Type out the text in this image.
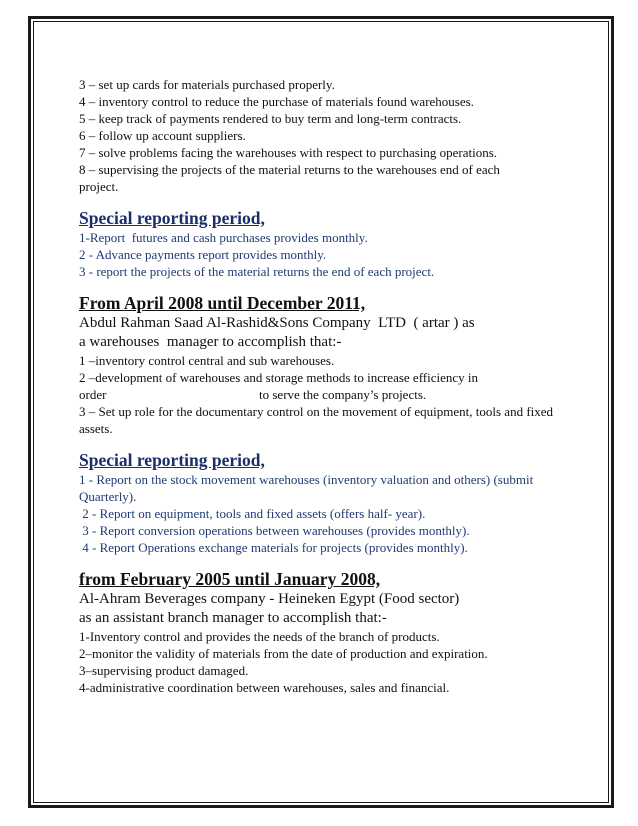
3 – set up cards for materials purchased properly.
4 – inventory control to reduce the purchase of materials found warehouses.
5 – keep track of payments rendered to buy term and long-term contracts.
6 – follow up account suppliers.
7 – solve problems facing the warehouses with respect to purchasing operations.
8 – supervising the projects of the material returns to the warehouses end of each
project.
Special reporting period,
1-Report  futures and cash purchases provides monthly.
2 - Advance payments report provides monthly.
3 - report the projects of the material returns the end of each project.
From April 2008 until December 2011,
Abdul Rahman Saad Al-Rashid&Sons Company  LTD  ( artar ) as
a warehouses  manager to accomplish that:-
1 –inventory control central and sub warehouses.
2 –development of warehouses and storage methods to increase efficiency in
order	to serve the company’s projects.
3 – Set up role for the documentary control on the movement of equipment, tools and fixed assets.
Special reporting period,
1 - Report on the stock movement warehouses (inventory valuation and others) (submit Quarterly).
2 - Report on equipment, tools and fixed assets (offers half- year).
3 - Report conversion operations between warehouses (provides monthly).
4 - Report Operations exchange materials for projects (provides monthly).
from February 2005 until January 2008,
Al-Ahram Beverages company - Heineken Egypt (Food sector)
as an assistant branch manager to accomplish that:-
1-Inventory control and provides the needs of the branch of products.
2–monitor the validity of materials from the date of production and expiration.
3–supervising product damaged.
4-administrative coordination between warehouses, sales and financial.
